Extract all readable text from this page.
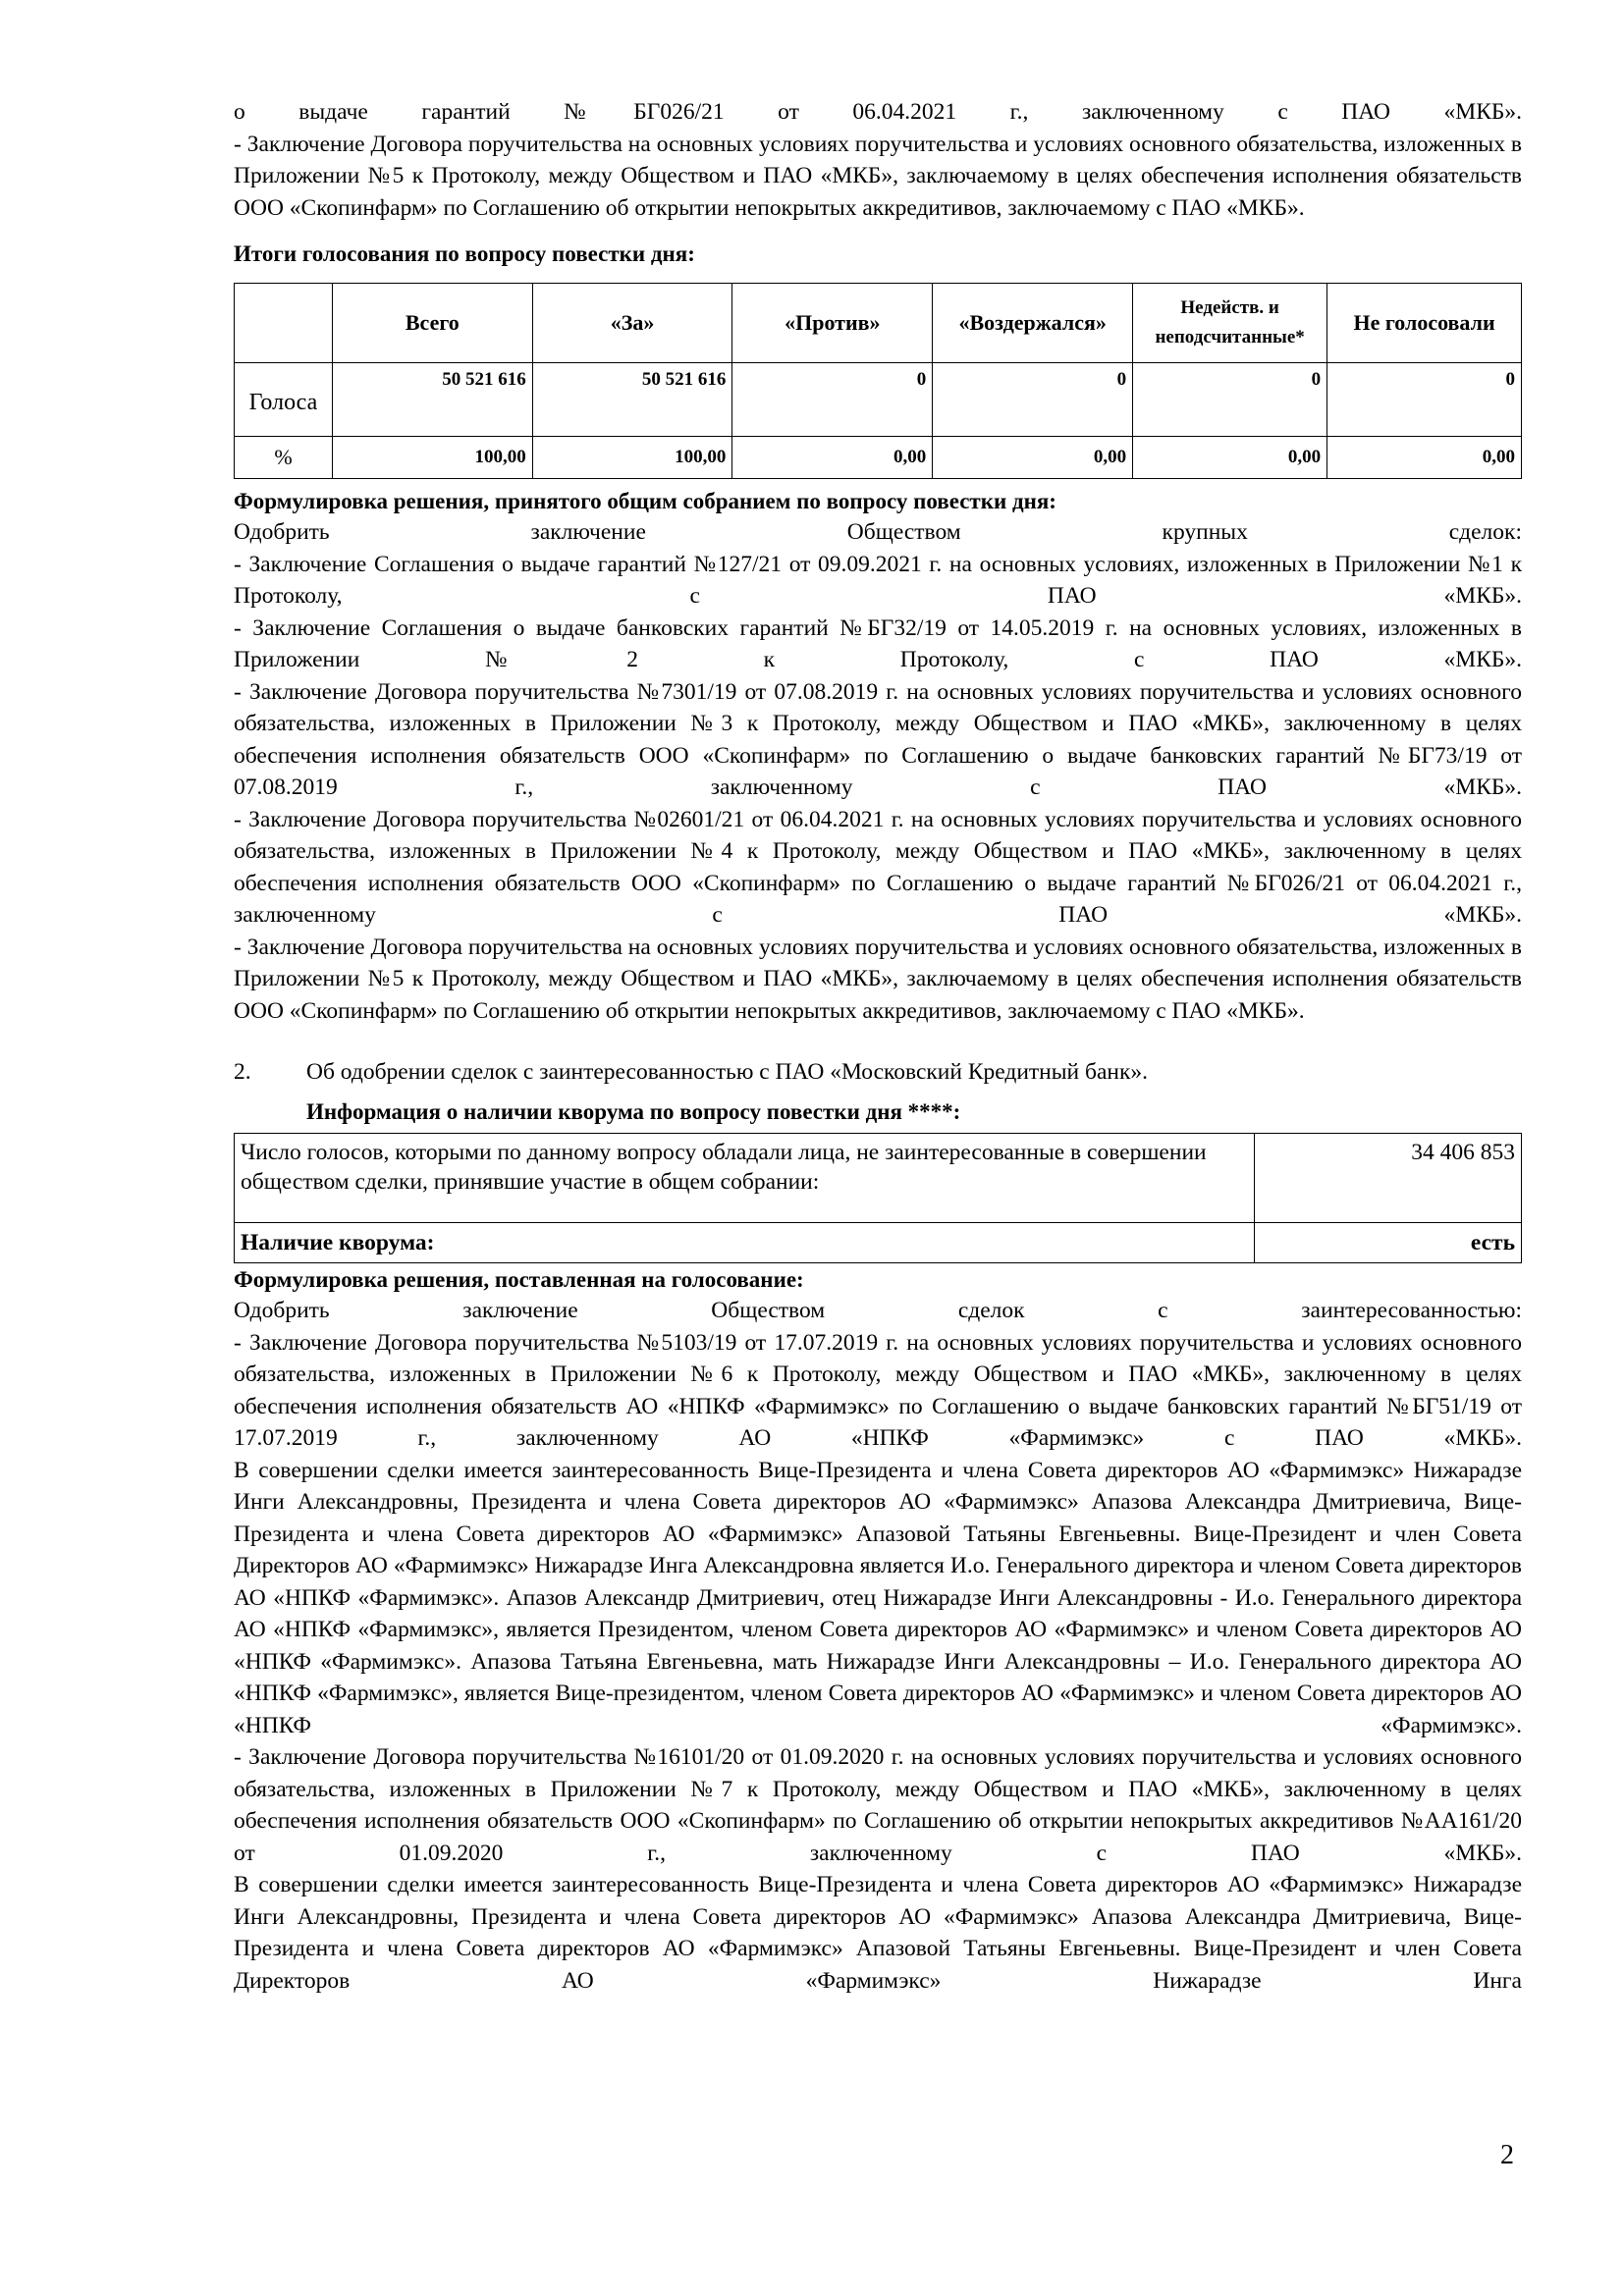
о выдаче гарантий №БГ026/21 от 06.04.2021 г., заключенному с ПАО «МКБ».

- Заключение Договора поручительства на основных условиях поручительства и условиях основного обязательства, изложенных в Приложении №5 к Протоколу, между Обществом и ПАО «МКБ», заключаемому в целях обеспечения исполнения обязательств ООО «Скопинфарм» по Соглашению об открытии непокрытых аккредитивов, заключаемому с ПАО «МКБ».

Итоги голосования по вопросу повестки дня:

	Всего	«За»	«Против»	«Воздержался»	Недейств. и неподсчитанные*	Не голосовали
Голоса	50 521 616	50 521 616	0	0	0	0
%	100,00	100,00	0,00	0,00	0,00	0,00

Формулировка решения, принятого общим собранием по вопросу повестки дня:

Одобрить заключение Обществом крупных сделок:

- Заключение Соглашения о выдаче гарантий №127/21 от 09.09.2021 г. на основных условиях, изложенных в Приложении №1 к Протоколу, с ПАО «МКБ».

- Заключение Соглашения о выдаче банковских гарантий №БГ32/19 от 14.05.2019 г. на основных условиях, изложенных в Приложении №2 к Протоколу, с ПАО «МКБ».

- Заключение Договора поручительства №7301/19 от 07.08.2019 г. на основных условиях поручительства и условиях основного обязательства, изложенных в Приложении №3 к Протоколу, между Обществом и ПАО «МКБ», заключенному в целях обеспечения исполнения обязательств ООО «Скопинфарм» по Соглашению о выдаче банковских гарантий №БГ73/19 от 07.08.2019 г., заключенному с ПАО «МКБ».

- Заключение Договора поручительства №02601/21 от 06.04.2021 г. на основных условиях поручительства и условиях основного обязательства, изложенных в Приложении №4 к Протоколу, между Обществом и ПАО «МКБ», заключенному в целях обеспечения исполнения обязательств ООО «Скопинфарм» по Соглашению о выдаче гарантий №БГ026/21 от 06.04.2021 г., заключенному с ПАО «МКБ».

- Заключение Договора поручительства на основных условиях поручительства и условиях основного обязательства, изложенных в Приложении №5 к Протоколу, между Обществом и ПАО «МКБ», заключаемому в целях обеспечения исполнения обязательств ООО «Скопинфарм» по Соглашению об открытии непокрытых аккредитивов, заключаемому с ПАО «МКБ».

2. Об одобрении сделок с заинтересованностью с ПАО «Московский Кредитный банк».

Информация о наличии кворума по вопросу повестки дня ****:

Число голосов, которыми по данному вопросу обладали лица, не заинтересованные в совершении обществом сделки, принявшие участие в общем собрании:	34 406 853
Наличие кворума:	есть

Формулировка решения, поставленная на голосование:

Одобрить заключение Обществом сделок с заинтересованностью:

- Заключение Договора поручительства №5103/19 от 17.07.2019 г. на основных условиях поручительства и условиях основного обязательства, изложенных в Приложении №6 к Протоколу, между Обществом и ПАО «МКБ», заключенному в целях обеспечения исполнения обязательств АО «НПКФ «Фармимэкс» по Соглашению о выдаче банковских гарантий №БГ51/19 от 17.07.2019 г., заключенному АО «НПКФ «Фармимэкс» с ПАО «МКБ».

В совершении сделки имеется заинтересованность Вице-Президента и члена Совета директоров АО «Фармимэкс» Нижарадзе Инги Александровны, Президента и члена Совета директоров АО «Фармимэкс» Апазова Александра Дмитриевича, Вице-Президента и члена Совета директоров АО «Фармимэкс» Апазовой Татьяны Евгеньевны. Вице-Президент и член Совета Директоров АО «Фармимэкс» Нижарадзе Инга Александровна является И.о. Генерального директора и членом Совета директоров АО «НПКФ «Фармимэкс». Апазов Александр Дмитриевич, отец Нижарадзе Инги Александровны - И.о. Генерального директора АО «НПКФ «Фармимэкс», является Президентом, членом Совета директоров АО «Фармимэкс» и членом Совета директоров АО «НПКФ «Фармимэкс». Апазова Татьяна Евгеньевна, мать Нижарадзе Инги Александровны – И.о. Генерального директора АО «НПКФ «Фармимэкс», является Вице-президентом, членом Совета директоров АО «Фармимэкс» и членом Совета директоров АО «НПКФ «Фармимэкс».

- Заключение Договора поручительства №16101/20 от 01.09.2020 г. на основных условиях поручительства и условиях основного обязательства, изложенных в Приложении №7 к Протоколу, между Обществом и ПАО «МКБ», заключенному в целях обеспечения исполнения обязательств ООО «Скопинфарм» по Соглашению об открытии непокрытых аккредитивов №АА161/20 от 01.09.2020 г., заключенному с ПАО «МКБ».

В совершении сделки имеется заинтересованность Вице-Президента и члена Совета директоров АО «Фармимэкс» Нижарадзе Инги Александровны, Президента и члена Совета директоров АО «Фармимэкс» Апазова Александра Дмитриевича, Вице-Президента и члена Совета директоров АО «Фармимэкс» Апазовой Татьяны Евгеньевны. Вице-Президент и член Совета Директоров АО «Фармимэкс» Нижарадзе Инга

2
